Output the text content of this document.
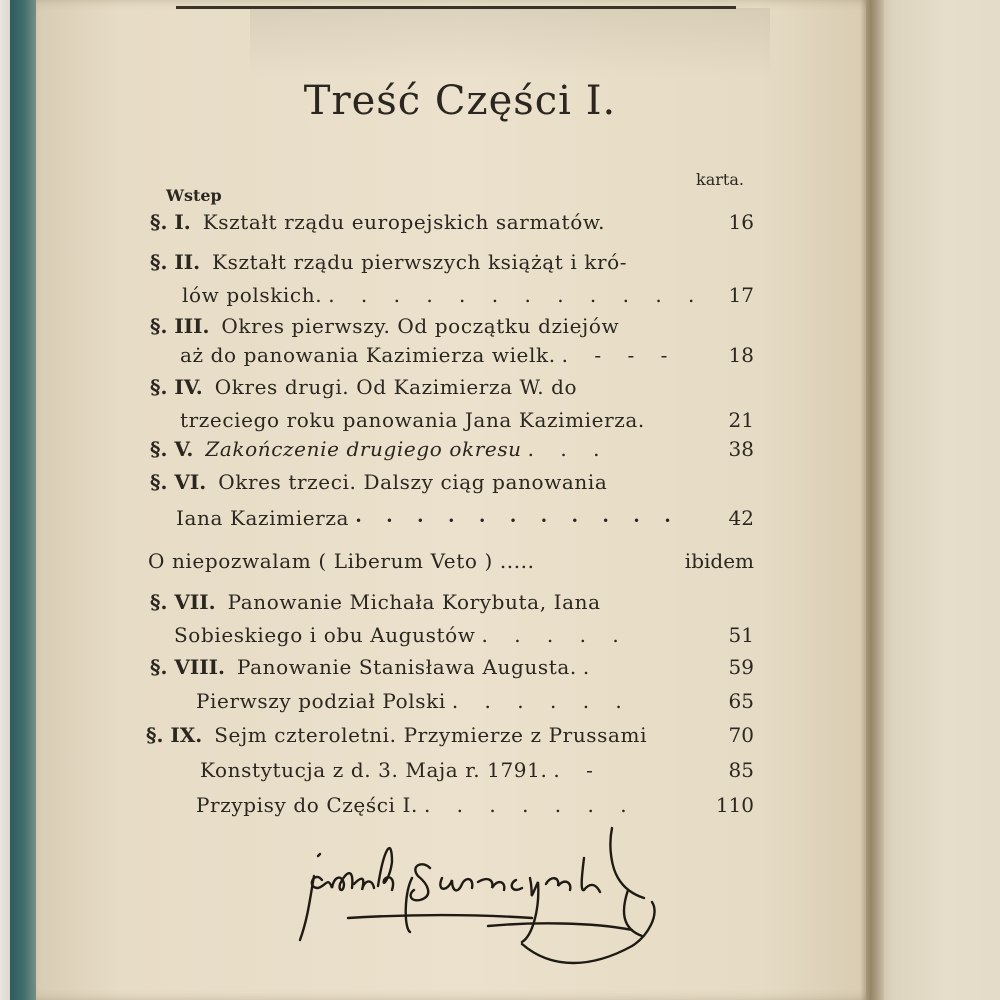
Treść Części I.
karta.
Wstep
§. I. Kształt rządu europejskich sarmatów.	16
§. II. Kształt rządu pierwszych książąt i kró-
lów polskich. . . . . . . . . . . . . 17
§. III. Okres pierwszy. Od początku dziejów
aż do panowania Kazimierza wielk. . - - -	18
§. IV. Okres drugi. Od Kazimierza W. do
trzeciego roku panowania Jana Kazimierza.	21
§. V. Zakończenie drugiego okresu . . .	38
§. VI. Okres trzeci. Dalszy ciąg panowania
Iana Kazimierza • • • • • • • • • • • 42
O niepozwalam ( Liberum Veto ) .....	ibidem
§. VII. Panowanie Michała Korybuta, Iana
Sobieskiego i obu Augustów . . . . .	51
§. VIII. Panowanie Stanisława Augusta. .	59
Pierwszy podział Polski . . . . . .	65
§. IX. Sejm czteroletni. Przymierze z Prussami	70
Konstytucja z d. 3. Maja r. 1791. . -	85
Przypisy do Części I. . . . . . . .	110
